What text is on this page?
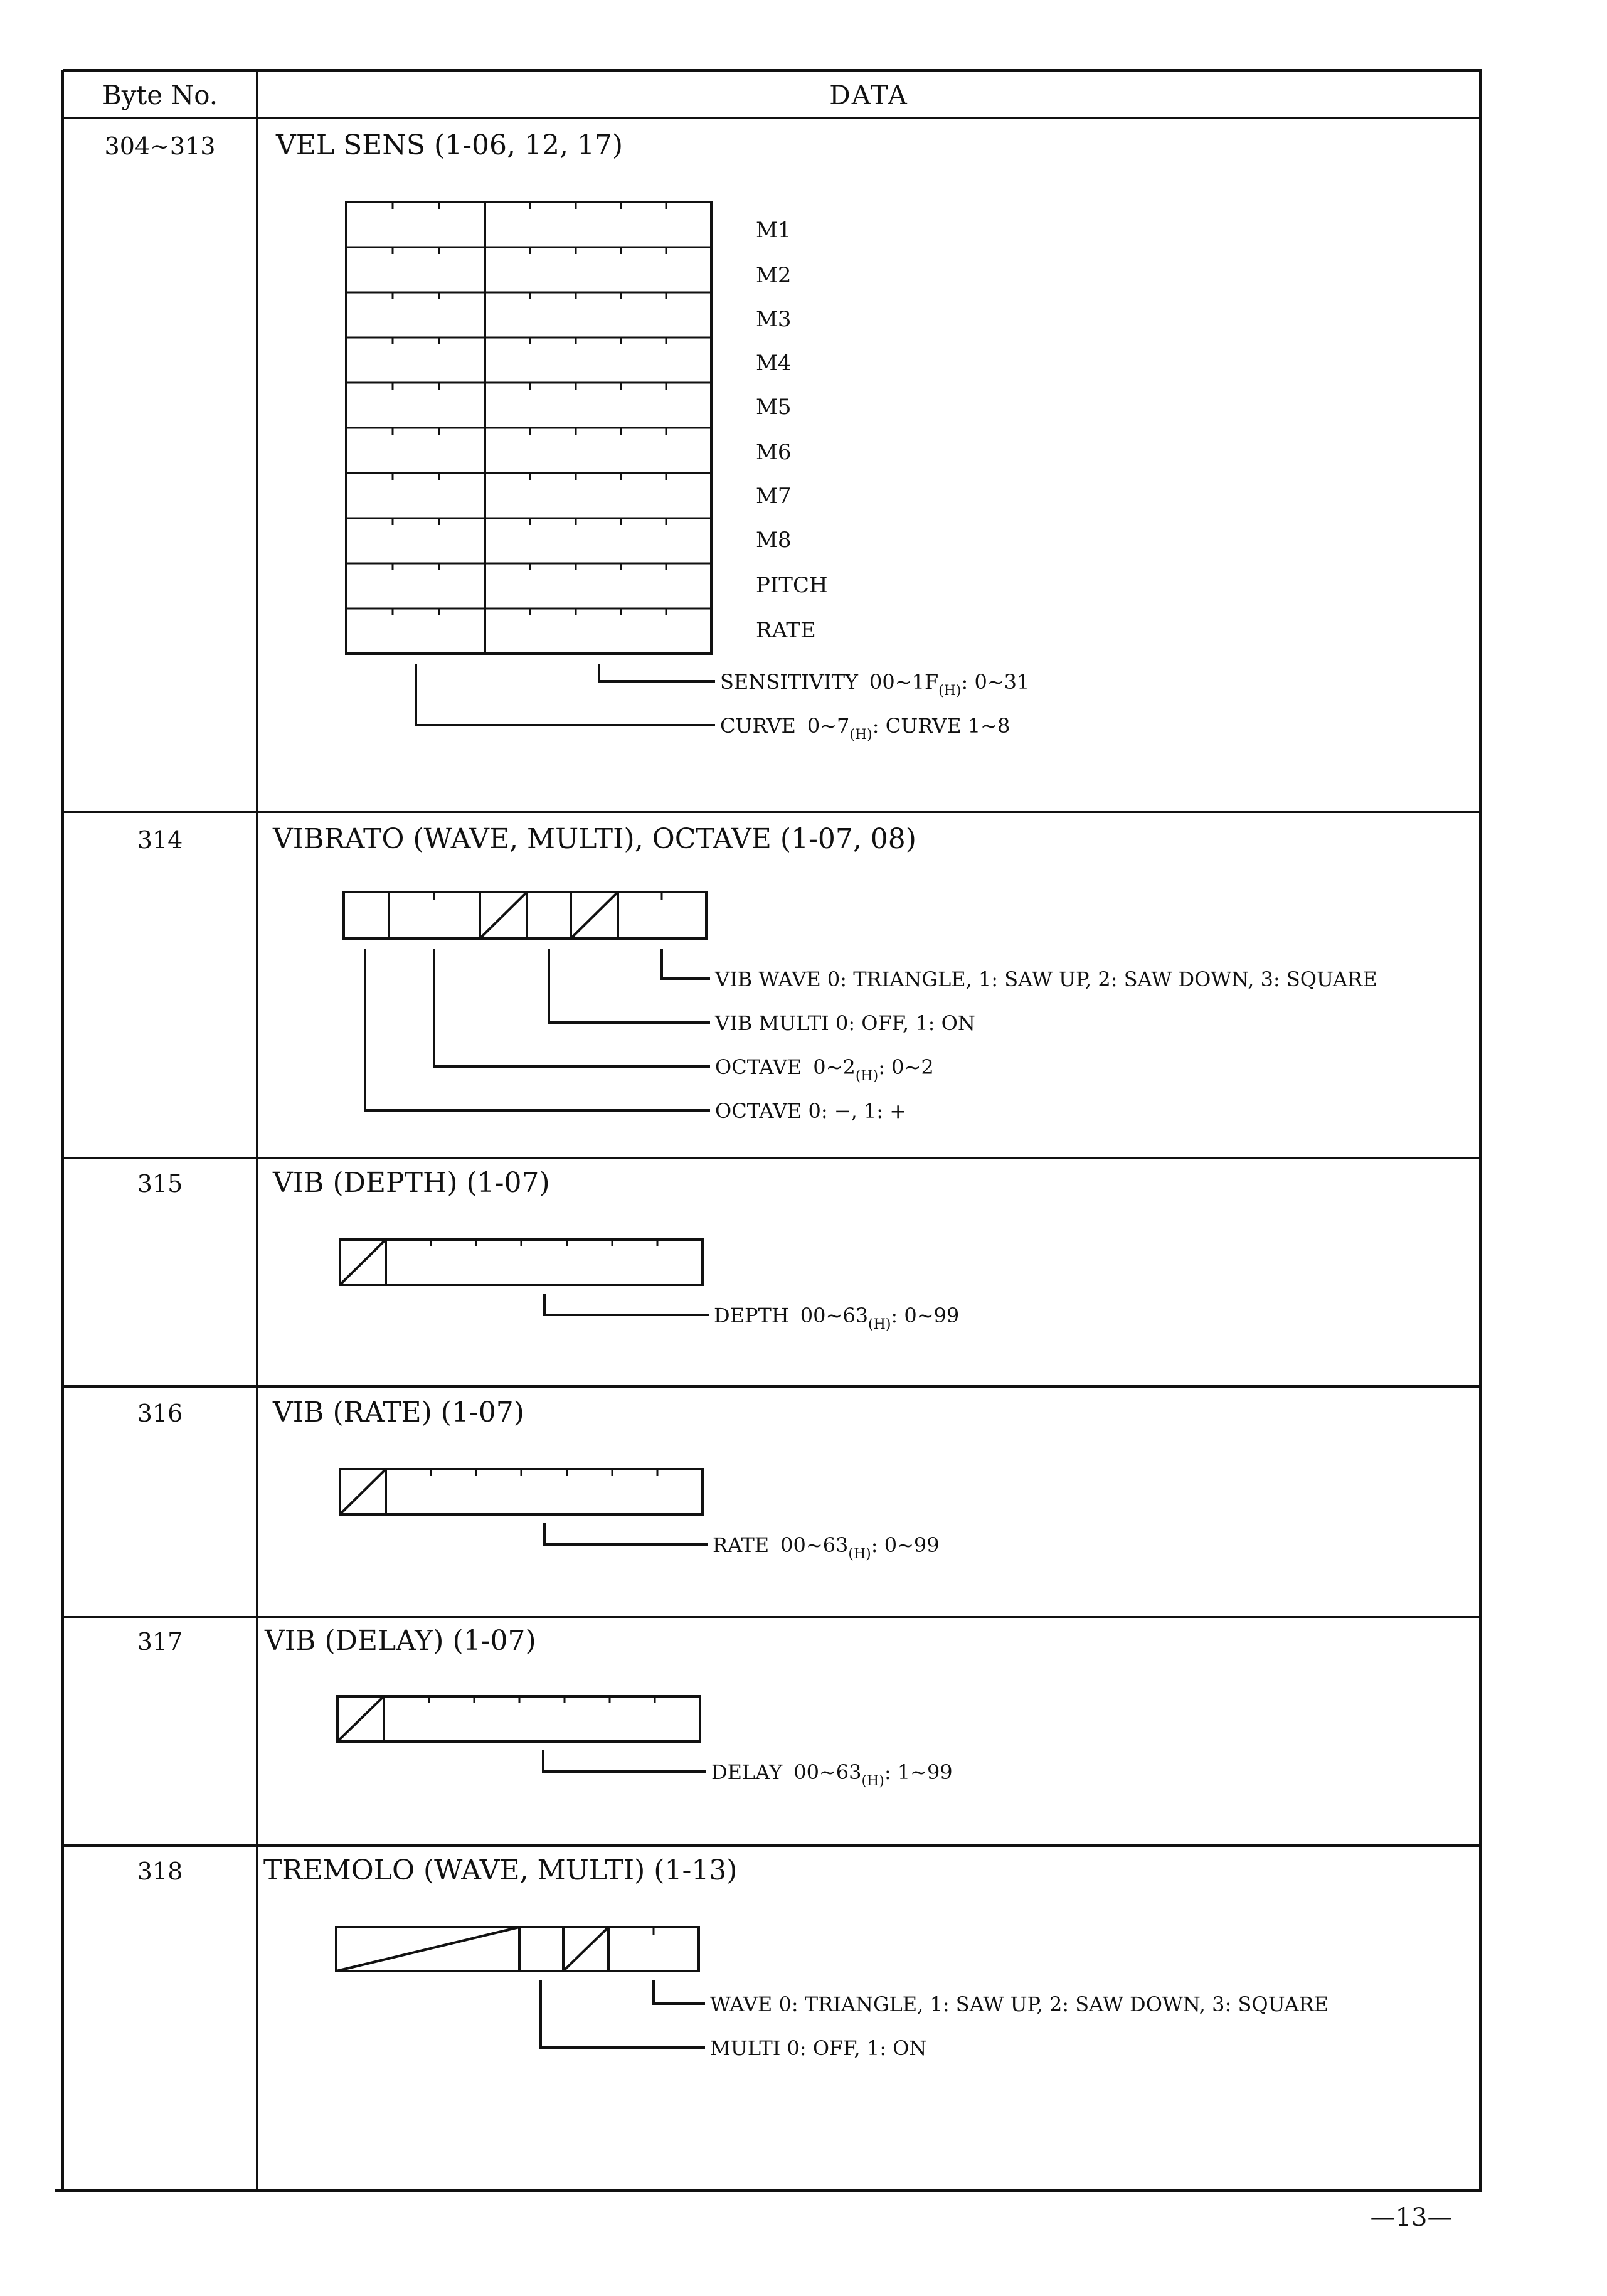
Byte No.	DATA
304~313 VEL SENS (1-06, 12, 17)
M1
M2
M3
M4
M5
M6
M7
M8
PITCH
RATE
SENSITIVITY $00\sim 1F_{(H)}$: 0~31
CURVE $0\sim 7_{(H)}$: CURVE 1~8
314	VIBRATO (WAVE, MULTI), OCTAVE (1-07, 08)
VIB WAVE 0: TRIANGLE, 1: SAW UP, 2: SAW DOWN, 3: SQUARE
VIB MULTI 0: OFF, 1: ON
OCTAVE $0\sim 2_{(H)}$: 0~2
OCTAVE 0: −, 1: +
315	VIB (DEPTH) (1-07)
DEPTH $00\sim 63_{(H)}$: 0~99
316	VIB (RATE) (1-07)
RATE $00\sim 63_{(H)}$: 0~99
317	VIB (DELAY) (1-07)
DELAY $00\sim 63_{(H)}$: 1~99
318	TREMOLO (WAVE, MULTI) (1-13)
WAVE 0: TRIANGLE, 1: SAW UP, 2: SAW DOWN, 3: SQUARE
MULTI 0: OFF, 1: ON
—13—
